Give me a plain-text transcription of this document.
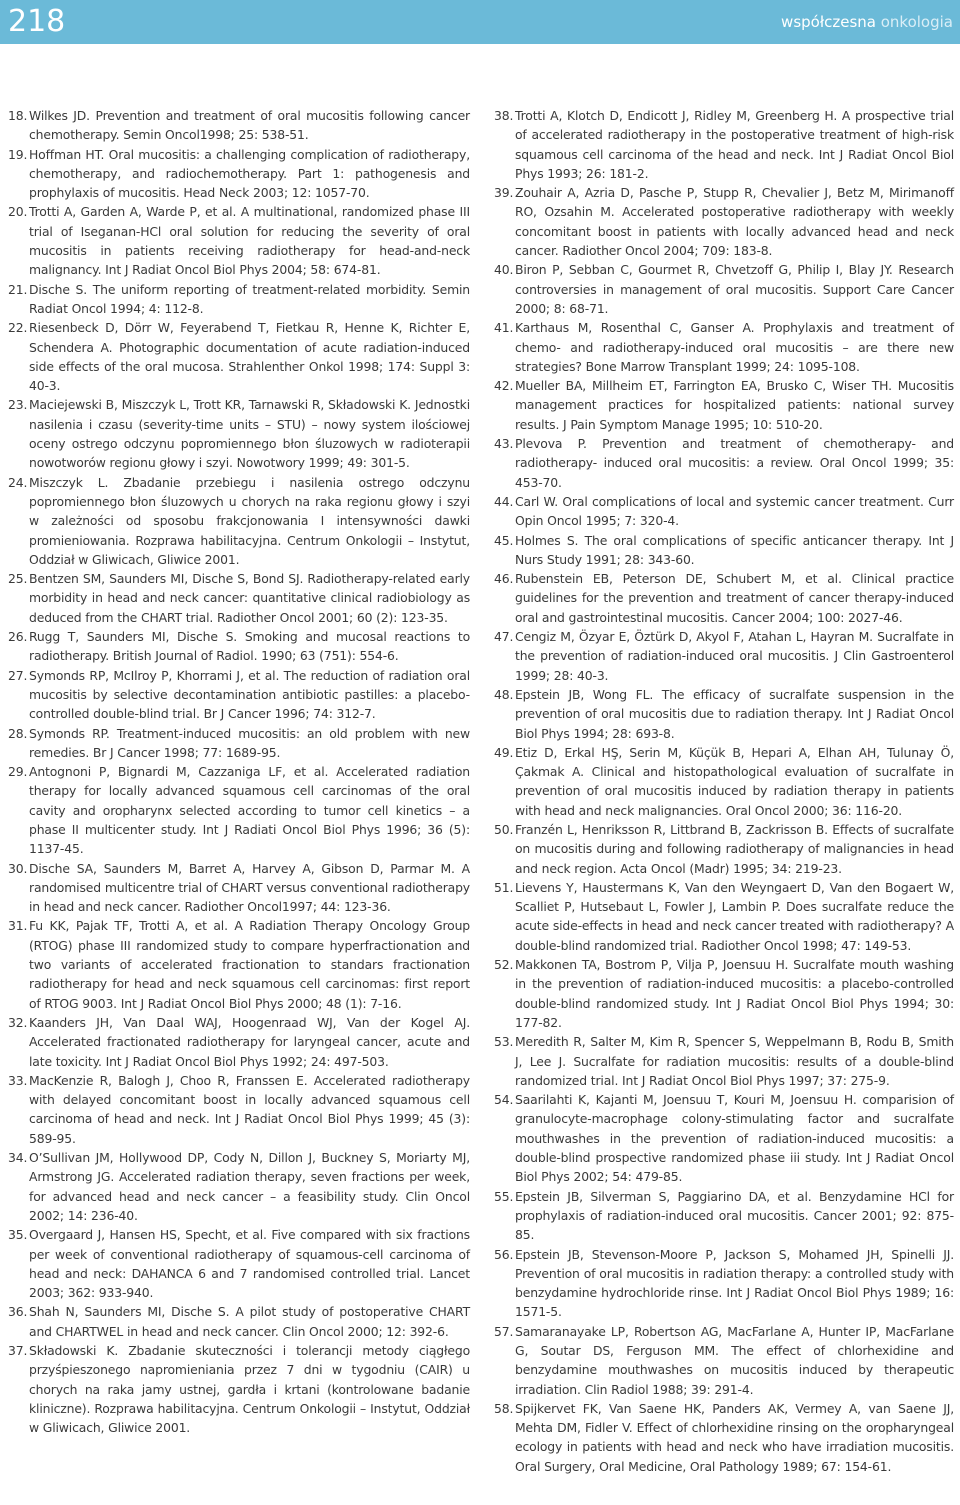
218	współczesna onkologia
18. Wilkes JD. Prevention and treatment of oral mucositis following cancer chemotherapy. Semin Oncol1998; 25: 538-51.
19. Hoffman HT. Oral mucositis: a challenging complication of radiotherapy, chemotherapy, and radiochemotherapy. Part 1: pathogenesis and prophylaxis of mucositis. Head Neck 2003; 12: 1057-70.
20. Trotti A, Garden A, Warde P, et al. A multinational, randomized phase III trial of Iseganan-HCl oral solution for reducing the severity of oral mucositis in patients receiving radiotherapy for head-and-neck malignancy. Int J Radiat Oncol Biol Phys 2004; 58: 674-81.
21. Dische S. The uniform reporting of treatment-related morbidity. Semin Radiat Oncol 1994; 4: 112-8.
22. Riesenbeck D, Dörr W, Feyerabend T, Fietkau R, Henne K, Richter E, Schendera A. Photographic documentation of acute radiation-induced side effects of the oral mucosa. Strahlenther Onkol 1998; 174: Suppl 3: 40-3.
23. Maciejewski B, Miszczyk L, Trott KR, Tarnawski R, Składowski K. Jednostki nasilenia i czasu (severity-time units – STU) – nowy system ilościowej oceny ostrego odczynu popromiennego błon śluzowych w radioterapii nowotworów regionu głowy i szyi. Nowotwory 1999; 49: 301-5.
24. Miszczyk L. Zbadanie przebiegu i nasilenia ostrego odczynu popromiennego błon śluzowych u chorych na raka regionu głowy i szyi w zależności od sposobu frakcjonowania I intensywności dawki promieniowania. Rozprawa habilitacyjna. Centrum Onkologii – Instytut, Oddział w Gliwicach, Gliwice 2001.
25. Bentzen SM, Saunders MI, Dische S, Bond SJ. Radiotherapy-related early morbidity in head and neck cancer: quantitative clinical radiobiology as deduced from the CHART trial. Radiother Oncol 2001; 60 (2): 123-35.
26. Rugg T, Saunders MI, Dische S. Smoking and mucosal reactions to radiotherapy. British Journal of Radiol. 1990; 63 (751): 554-6.
27. Symonds RP, McIlroy P, Khorrami J, et al. The reduction of radiation oral mucositis by selective decontamination antibiotic pastilles: a placebo-controlled double-blind trial. Br J Cancer 1996; 74: 312-7.
28. Symonds RP. Treatment-induced mucositis: an old problem with new remedies. Br J Cancer 1998; 77: 1689-95.
29. Antognoni P, Bignardi M, Cazzaniga LF, et al. Accelerated radiation therapy for locally advanced squamous cell carcinomas of the oral cavity and oropharynx selected according to tumor cell kinetics – a phase II multicenter study. Int J Radiati Oncol Biol Phys 1996; 36 (5): 1137-45.
30. Dische SA, Saunders M, Barret A, Harvey A, Gibson D, Parmar M. A randomised multicentre trial of CHART versus conventional radiotherapy in head and neck cancer. Radiother Oncol1997; 44: 123-36.
31. Fu KK, Pajak TF, Trotti A, et al. A Radiation Therapy Oncology Group (RTOG) phase III randomized study to compare hyperfractionation and two variants of accelerated fractionation to standars fractionation radiotherapy for head and neck squamous cell carcinomas: first report of RTOG 9003. Int J Radiat Oncol Biol Phys 2000; 48 (1): 7-16.
32. Kaanders JH, Van Daal WAJ, Hoogenraad WJ, Van der Kogel AJ. Accelerated fractionated radiotherapy for laryngeal cancer, acute and late toxicity. Int J Radiat Oncol Biol Phys 1992; 24: 497-503.
33. MacKenzie R, Balogh J, Choo R, Franssen E. Accelerated radiotherapy with delayed concomitant boost in locally advanced squamous cell carcinoma of head and neck. Int J Radiat Oncol Biol Phys 1999; 45 (3): 589-95.
34. O’Sullivan JM, Hollywood DP, Cody N, Dillon J, Buckney S, Moriarty MJ, Armstrong JG. Accelerated radiation therapy, seven fractions per week, for advanced head and neck cancer – a feasibility study. Clin Oncol 2002; 14: 236-40.
35. Overgaard J, Hansen HS, Specht, et al. Five compared with six fractions per week of conventional radiotherapy of squamous-cell carcinoma of head and neck: DAHANCA 6 and 7 randomised controlled trial. Lancet 2003; 362: 933-940.
36. Shah N, Saunders MI, Dische S. A pilot study of postoperative CHART and CHARTWEL in head and neck cancer. Clin Oncol 2000; 12: 392-6.
37. Składowski K. Zbadanie skuteczności i tolerancji metody ciągłego przyśpieszonego napromieniania przez 7 dni w tygodniu (CAIR) u chorych na raka jamy ustnej, gardła i krtani (kontrolowane badanie kliniczne). Rozprawa habilitacyjna. Centrum Onkologii – Instytut, Oddział w Gliwicach, Gliwice 2001.
38. Trotti A, Klotch D, Endicott J, Ridley M, Greenberg H. A prospective trial of accelerated radiotherapy in the postoperative treatment of high-risk squamous cell carcinoma of the head and neck. Int J Radiat Oncol Biol Phys 1993; 26: 181-2.
39. Zouhair A, Azria D, Pasche P, Stupp R, Chevalier J, Betz M, Mirimanoff RO, Ozsahin M. Accelerated postoperative radiotherapy with weekly concomitant boost in patients with locally advanced head and neck cancer. Radiother Oncol 2004; 709: 183-8.
40. Biron P, Sebban C, Gourmet R, Chvetzoff G, Philip I, Blay JY. Research controversies in management of oral mucositis. Support Care Cancer 2000; 8: 68-71.
41. Karthaus M, Rosenthal C, Ganser A. Prophylaxis and treatment of chemo- and radiotherapy-induced oral mucositis – are there new strategies? Bone Marrow Transplant 1999; 24: 1095-108.
42. Mueller BA, Millheim ET, Farrington EA, Brusko C, Wiser TH. Mucositis management practices for hospitalized patients: national survey results. J Pain Symptom Manage 1995; 10: 510-20.
43. Plevova P. Prevention and treatment of chemotherapy- and radiotherapy- induced oral mucositis: a review. Oral Oncol 1999; 35: 453-70.
44. Carl W. Oral complications of local and systemic cancer treatment. Curr Opin Oncol 1995; 7: 320-4.
45. Holmes S. The oral complications of specific anticancer therapy. Int J Nurs Study 1991; 28: 343-60.
46. Rubenstein EB, Peterson DE, Schubert M, et al. Clinical practice guidelines for the prevention and treatment of cancer therapy-induced oral and gastrointestinal mucositis. Cancer 2004; 100: 2027-46.
47. Cengiz M, Özyar E, Öztürk D, Akyol F, Atahan L, Hayran M. Sucralfate in the prevention of radiation-induced oral mucositis. J Clin Gastroenterol 1999; 28: 40-3.
48. Epstein JB, Wong FL. The efficacy of sucralfate suspension in the prevention of oral mucositis due to radiation therapy. Int J Radiat Oncol Biol Phys 1994; 28: 693-8.
49. Etiz D, Erkal HŞ, Serin M, Küçük B, Hepari A, Elhan AH, Tulunay Ö, Çakmak A. Clinical and histopathological evaluation of sucralfate in prevention of oral mucositis induced by radiation therapy in patients with head and neck malignancies. Oral Oncol 2000; 36: 116-20.
50. Franzén L, Henriksson R, Littbrand B, Zackrisson B. Effects of sucralfate on mucositis during and following radiotherapy of malignancies in head and neck region. Acta Oncol (Madr) 1995; 34: 219-23.
51. Lievens Y, Haustermans K, Van den Weyngaert D, Van den Bogaert W, Scalliet P, Hutsebaut L, Fowler J, Lambin P. Does sucralfate reduce the acute side-effects in head and neck cancer treated with radiotherapy? A double-blind randomized trial. Radiother Oncol 1998; 47: 149-53.
52. Makkonen TA, Bostrom P, Vilja P, Joensuu H. Sucralfate mouth washing in the prevention of radiation-induced mucositis: a placebo-controlled double-blind randomized study. Int J Radiat Oncol Biol Phys 1994; 30: 177-82.
53. Meredith R, Salter M, Kim R, Spencer S, Weppelmann B, Rodu B, Smith J, Lee J. Sucralfate for radiation mucositis: results of a double-blind randomized trial. Int J Radiat Oncol Biol Phys 1997; 37: 275-9.
54. Saarilahti K, Kajanti M, Joensuu T, Kouri M, Joensuu H. comparision of granulocyte-macrophage colony-stimulating factor and sucralfate mouthwashes in the prevention of radiation-induced mucositis: a double-blind prospective randomized phase iii study. Int J Radiat Oncol Biol Phys 2002; 54: 479-85.
55. Epstein JB, Silverman S, Paggiarino DA, et al. Benzydamine HCl for prophylaxis of radiation-induced oral mucositis. Cancer 2001; 92: 875-85.
56. Epstein JB, Stevenson-Moore P, Jackson S, Mohamed JH, Spinelli JJ. Prevention of oral mucositis in radiation therapy: a controlled study with benzydamine hydrochloride rinse. Int J Radiat Oncol Biol Phys 1989; 16: 1571-5.
57. Samaranayake LP, Robertson AG, MacFarlane A, Hunter IP, MacFarlane G, Soutar DS, Ferguson MM. The effect of chlorhexidine and benzydamine mouthwashes on mucositis induced by therapeutic irradiation. Clin Radiol 1988; 39: 291-4.
58. Spijkervet FK, Van Saene HK, Panders AK, Vermey A, van Saene JJ, Mehta DM, Fidler V. Effect of chlorhexidine rinsing on the oropharyngeal ecology in patients with head and neck who have irradiation mucositis. Oral Surgery, Oral Medicine, Oral Pathology 1989; 67: 154-61.
